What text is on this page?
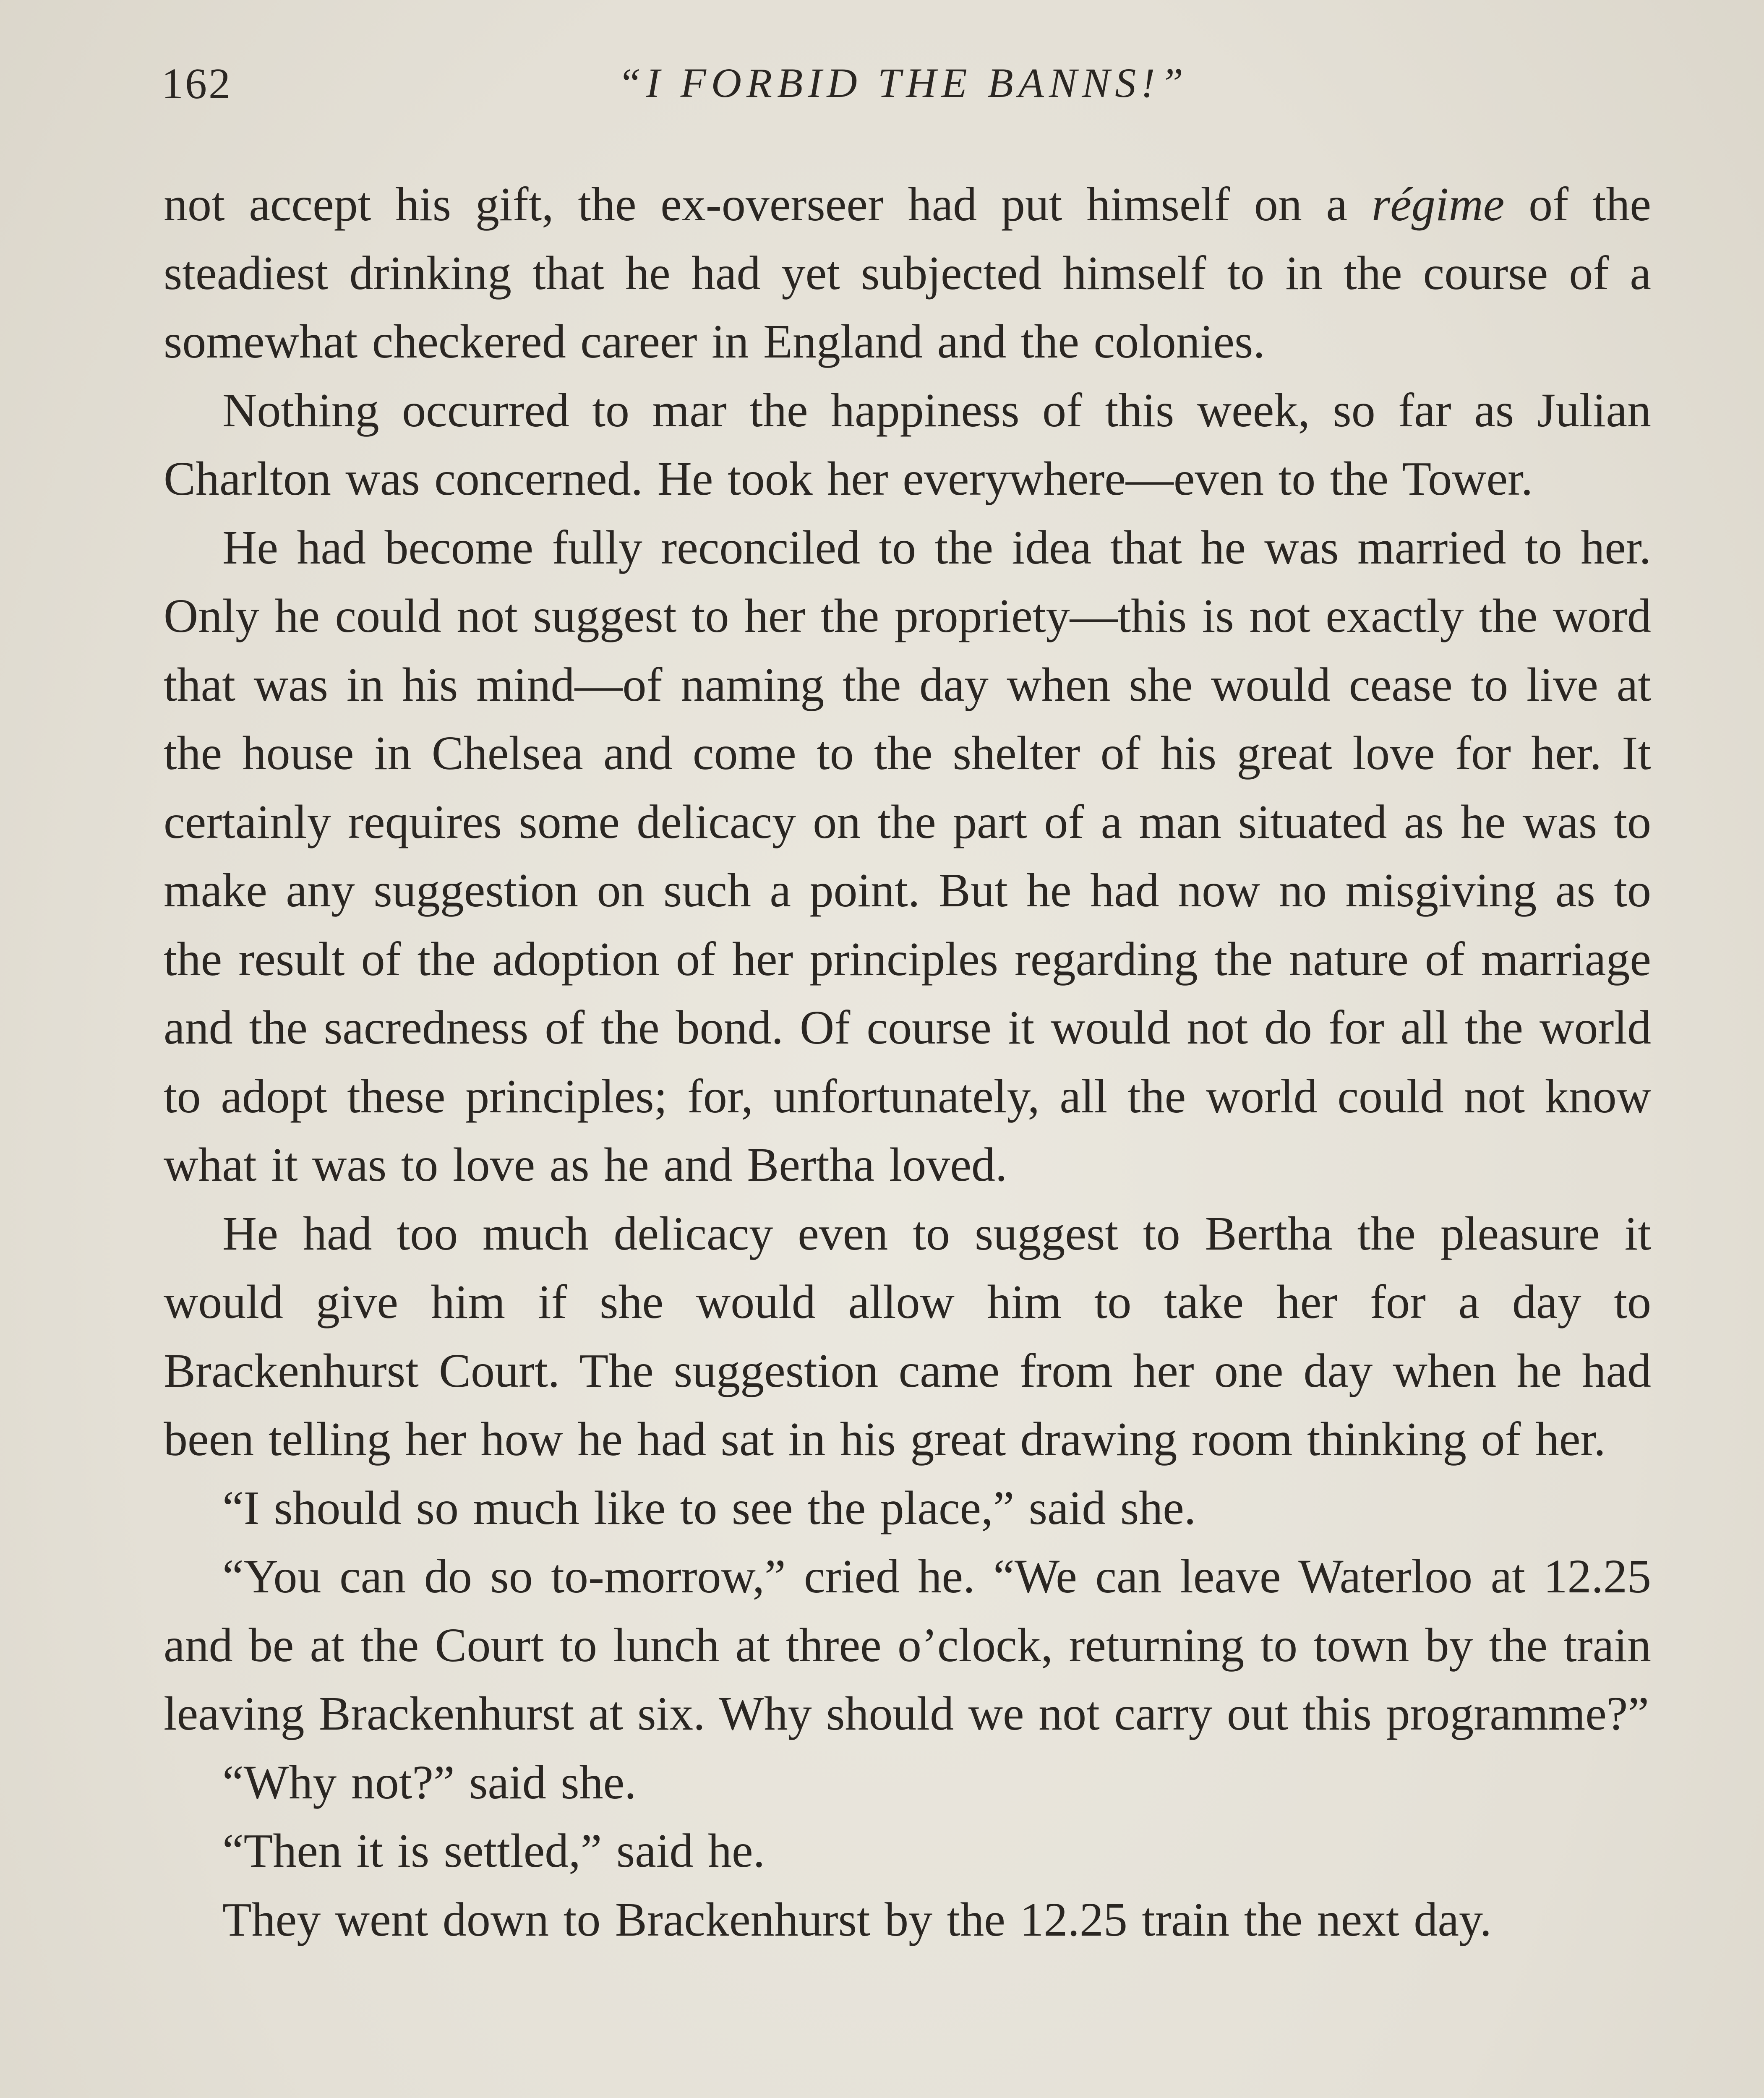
162	“I FORBID THE BANNS!”

not accept his gift, the ex-overseer had put himself on a régime of the steadiest drinking that he had yet subjected himself to in the course of a somewhat checkered career in England and the colonies.

Nothing occurred to mar the happiness of this week, so far as Julian Charlton was concerned. He took her everywhere—even to the Tower.

He had become fully reconciled to the idea that he was married to her. Only he could not suggest to her the propriety—this is not exactly the word that was in his mind—of naming the day when she would cease to live at the house in Chelsea and come to the shelter of his great love for her. It certainly requires some delicacy on the part of a man situated as he was to make any suggestion on such a point. But he had now no misgiving as to the result of the adoption of her principles regarding the nature of marriage and the sacredness of the bond. Of course it would not do for all the world to adopt these principles; for, unfortunately, all the world could not know what it was to love as he and Bertha loved.

He had too much delicacy even to suggest to Bertha the pleasure it would give him if she would allow him to take her for a day to Brackenhurst Court. The suggestion came from her one day when he had been telling her how he had sat in his great drawing room thinking of her.

“I should so much like to see the place,” said she.

“You can do so to-morrow,” cried he. “We can leave Waterloo at 12.25 and be at the Court to lunch at three o’clock, returning to town by the train leaving Brackenhurst at six. Why should we not carry out this programme?”

“Why not?” said she.

“Then it is settled,” said he.

They went down to Brackenhurst by the 12.25 train the next day.
